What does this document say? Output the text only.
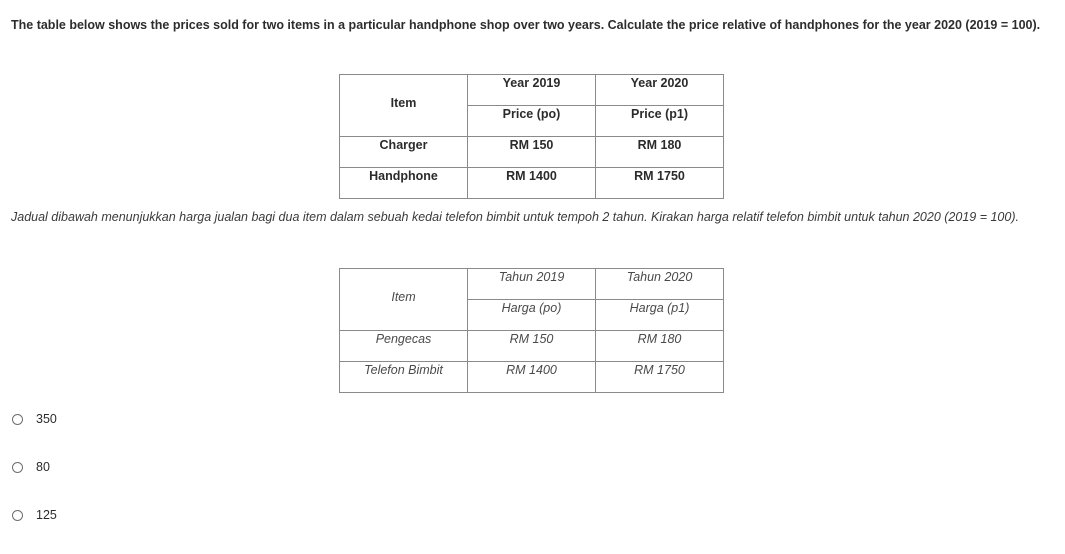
The table below shows the prices sold for two items in a particular handphone shop over two years. Calculate the price relative of handphones for the year 2020 (2019 = 100).
Item	Year 2019	Year 2020
	Price (po)	Price (p1)
Charger	RM 150	RM 180
Handphone	RM 1400	RM 1750
Jadual dibawah menunjukkan harga jualan bagi dua item dalam sebuah kedai telefon bimbit untuk tempoh 2 tahun. Kirakan harga relatif telefon bimbit untuk tahun 2020 (2019 = 100).
Item	Tahun 2019	Tahun 2020
	Harga (po)	Harga (p1)
Pengecas	RM 150	RM 180
Telefon Bimbit	RM 1400	RM 1750
350
80
125
